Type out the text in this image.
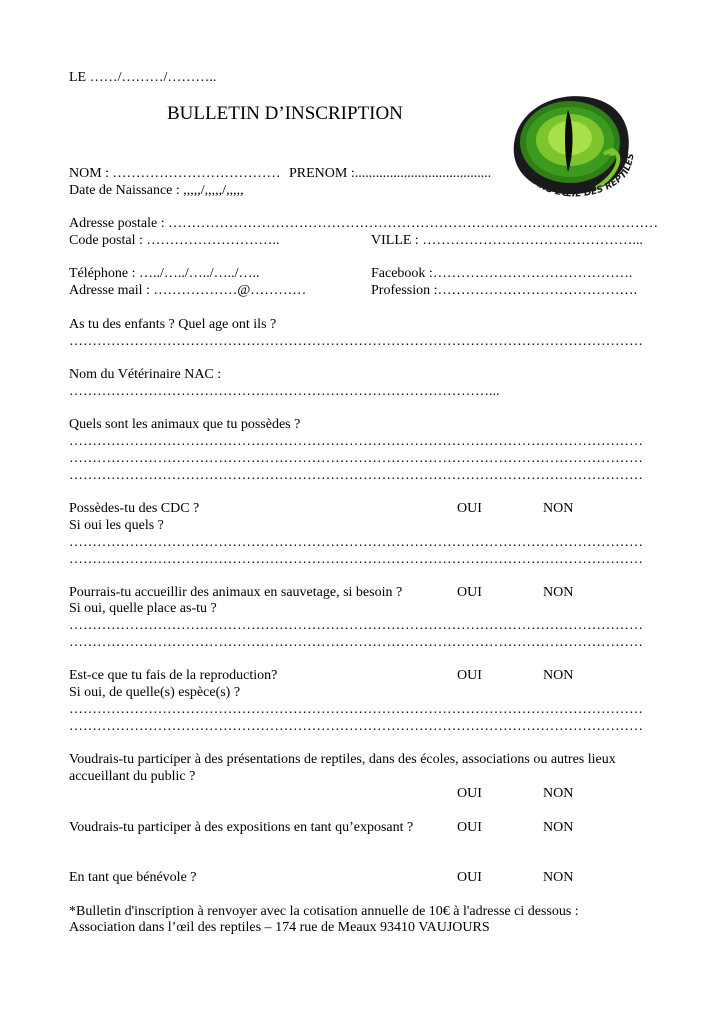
LE ……/………/………..
BULLETIN D’INSCRIPTION
DANS L’ŒIL DES REPTILES
NOM : ……………………………… PRENOM :.......................................
Date de Naissance : ,,,,,/,,,,,/,,,,,
Adresse postale : ……………………………………………………………………………………………
Code postal : ………………………..	VILLE : ………………………………………...
Téléphone : …../…../…../…../…..	Facebook :…………………………………….
Adresse mail : ………………@…………	Profession :…………………………………….
As tu des enfants ? Quel age ont ils ?
……………………………………………………………………………………………………………
Nom du Vétérinaire NAC :
………………………………………………………………………………...
Quels sont les animaux que tu possèdes ?
……………………………………………………………………………………………………………
……………………………………………………………………………………………………………
……………………………………………………………………………………………………………
Possèdes-tu des CDC ?	OUI	NON
Si oui les quels ?
……………………………………………………………………………………………………………
……………………………………………………………………………………………………………
Pourrais-tu accueillir des animaux en sauvetage, si besoin ?	OUI	NON
Si oui, quelle place as-tu ?
……………………………………………………………………………………………………………
……………………………………………………………………………………………………………
Est-ce que tu fais de la reproduction?	OUI	NON
Si oui, de quelle(s) espèce(s) ?
……………………………………………………………………………………………………………
……………………………………………………………………………………………………………
Voudrais-tu participer à des présentations de reptiles, dans des écoles, associations ou autres lieux
accueillant du public ?
OUI	NON
Voudrais-tu participer à des expositions en tant qu’exposant ?	OUI	NON
En tant que bénévole ?	OUI	NON
*Bulletin d'inscription à renvoyer avec la cotisation annuelle de 10€ à l'adresse ci dessous :
Association dans l’œil des reptiles – 174 rue de Meaux 93410 VAUJOURS
